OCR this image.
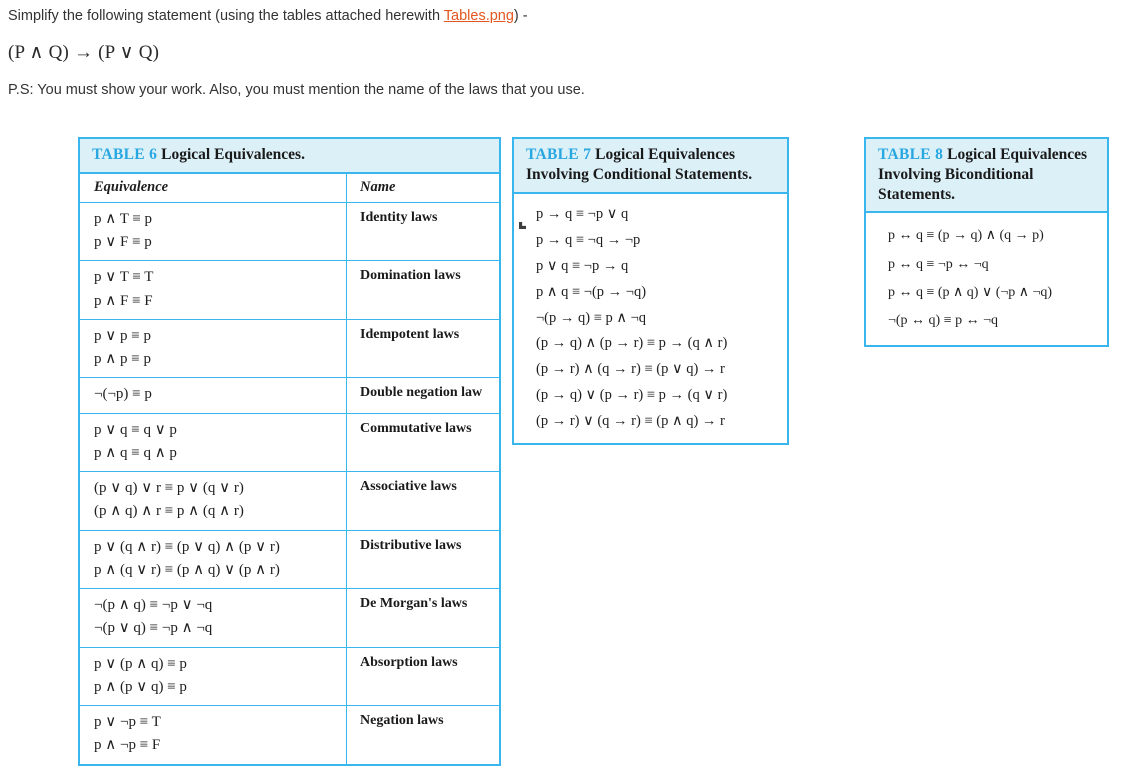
Simplify the following statement (using the tables attached herewith Tables.png) -
(P ∧ Q) → (P ∨ Q)
P.S: You must show your work. Also, you must mention the name of the laws that you use.
TABLE 6 Logical Equivalences.
Equivalence	Name

p ∧ T ≡ p
p ∨ F ≡ p
	Identity laws

p ∨ T ≡ T
p ∧ F ≡ F
	Domination laws

p ∨ p ≡ p
p ∧ p ≡ p
	Idempotent laws

¬(¬p) ≡ p	Double negation law

p ∨ q ≡ q ∨ p
p ∧ q ≡ q ∧ p
	Commutative laws

(p ∨ q) ∨ r ≡ p ∨ (q ∨ r)
(p ∧ q) ∧ r ≡ p ∧ (q ∧ r)
	Associative laws

p ∨ (q ∧ r) ≡ (p ∨ q) ∧ (p ∨ r)
p ∧ (q ∨ r) ≡ (p ∧ q) ∨ (p ∧ r)
	Distributive laws

¬(p ∧ q) ≡ ¬p ∨ ¬q
¬(p ∨ q) ≡ ¬p ∧ ¬q
	De Morgan's laws

p ∨ (p ∧ q) ≡ p
p ∧ (p ∨ q) ≡ p
	Absorption laws

p ∨ ¬p ≡ T
p ∧ ¬p ≡ F
	Negation laws
TABLE 7 Logical Equivalences Involving Conditional Statements.
p → q ≡ ¬p ∨ q
p → q ≡ ¬q → ¬p
p ∨ q ≡ ¬p → q
p ∧ q ≡ ¬(p → ¬q)
¬(p → q) ≡ p ∧ ¬q
(p → q) ∧ (p → r) ≡ p → (q ∧ r)
(p → r) ∧ (q → r) ≡ (p ∨ q) → r
(p → q) ∨ (p → r) ≡ p → (q ∨ r)
(p → r) ∨ (q → r) ≡ (p ∧ q) → r
TABLE 8 Logical Equivalences Involving Biconditional Statements.
p ↔ q ≡ (p → q) ∧ (q → p)
p ↔ q ≡ ¬p ↔ ¬q
p ↔ q ≡ (p ∧ q) ∨ (¬p ∧ ¬q)
¬(p ↔ q) ≡ p ↔ ¬q
